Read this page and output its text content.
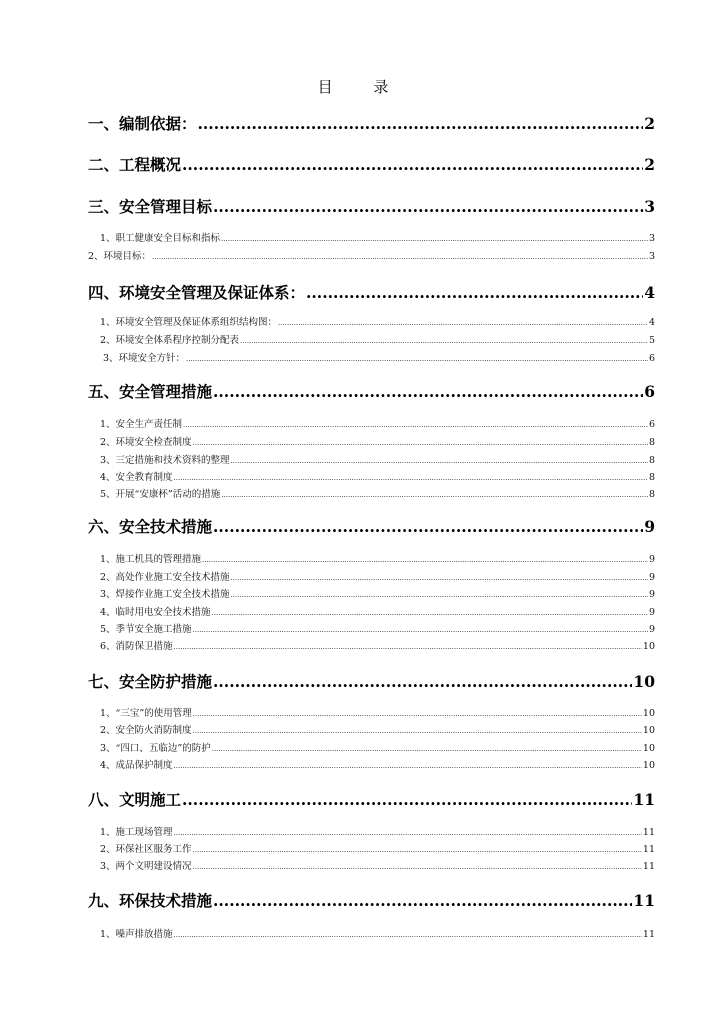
目 录
一、编制依据： .....	2
二、工程概况 .....	2
三、安全管理目标 .....	3
1、职工健康安全目标和指标 .....	3
2、环境目标： .....	3
四、环境安全管理及保证体系： .....	4
1、环境安全管理及保证体系组织结构图： .....	4
2、环境安全体系程序控制分配表 .....	5
3、环境安全方针： .....	6
五、安全管理措施 .....	6
1、安全生产责任制 .....	6
2、环境安全检查制度 .....	8
3、三定措施和技术资料的整理 .....	8
4、安全教育制度 .....	8
5、开展“安康杯”活动的措施 .....	8
六、安全技术措施 .....	9
1、施工机具的管理措施 .....	9
2、高处作业施工安全技术措施 .....	9
3、焊接作业施工安全技术措施 .....	9
4、临时用电安全技术措施 .....	9
5、季节安全施工措施 .....	9
6、消防保卫措施 .....	10
七、安全防护措施 .....	10
1、“三宝”的使用管理 .....	10
2、安全防火消防制度 .....	10
3、“四口、五临边”的防护 .....	10
4、成品保护制度 .....	10
八、文明施工 .....	11
1、施工现场管理 .....	11
2、环保社区服务工作 .....	11
3、两个文明建设情况 .....	11
九、环保技术措施 .....	11
1、噪声排放措施 .....	11
